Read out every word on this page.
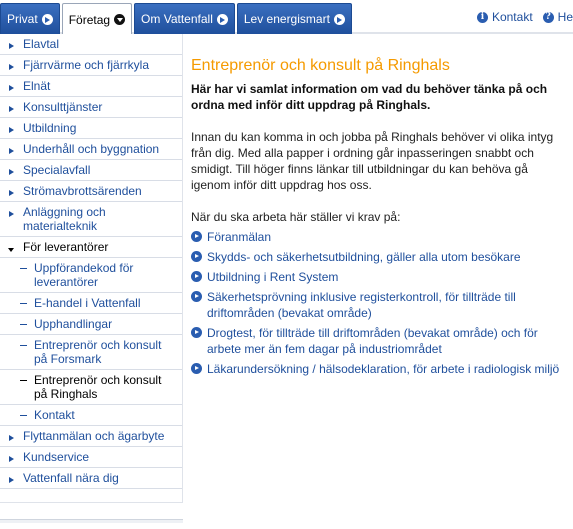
Privat	Företag	Om Vattenfall	Lev energismart	i Kontakt	? He
Elavtal
Fjärrvärme och fjärrkyla
Elnät
Konsulttjänster
Utbildning
Underhåll och byggnation
Specialavfall
Strömavbrottsärenden
Anläggning och materialteknik
För leverantörer
Uppförandekod för leverantörer
E-handel i Vattenfall
Upphandlingar
Entreprenör och konsult på Forsmark
Entreprenör och konsult på Ringhals
Kontakt
Flyttanmälan och ägarbyte
Kundservice
Vattenfall nära dig
Entreprenör och konsult på Ringhals

Här har vi samlat information om vad du behöver tänka på och ordna med inför ditt uppdrag på Ringhals.

Innan du kan komma in och jobba på Ringhals behöver vi olika intyg från dig. Med alla papper i ordning går inpasseringen snabbt och smidigt. Till höger finns länkar till utbildningar du kan behöva gå igenom inför ditt uppdrag hos oss.

När du ska arbeta här ställer vi krav på:

Föranmälan
Skydds- och säkerhetsutbildning, gäller alla utom besökare
Utbildning i Rent System
Säkerhetsprövning inklusive registerkontroll, för tillträde till driftområden (bevakat område)
Drogtest, för tillträde till driftområden (bevakat område) och för arbete mer än fem dagar på industriområdet
Läkarundersökning / hälsodeklaration, för arbete i radiologisk miljö
